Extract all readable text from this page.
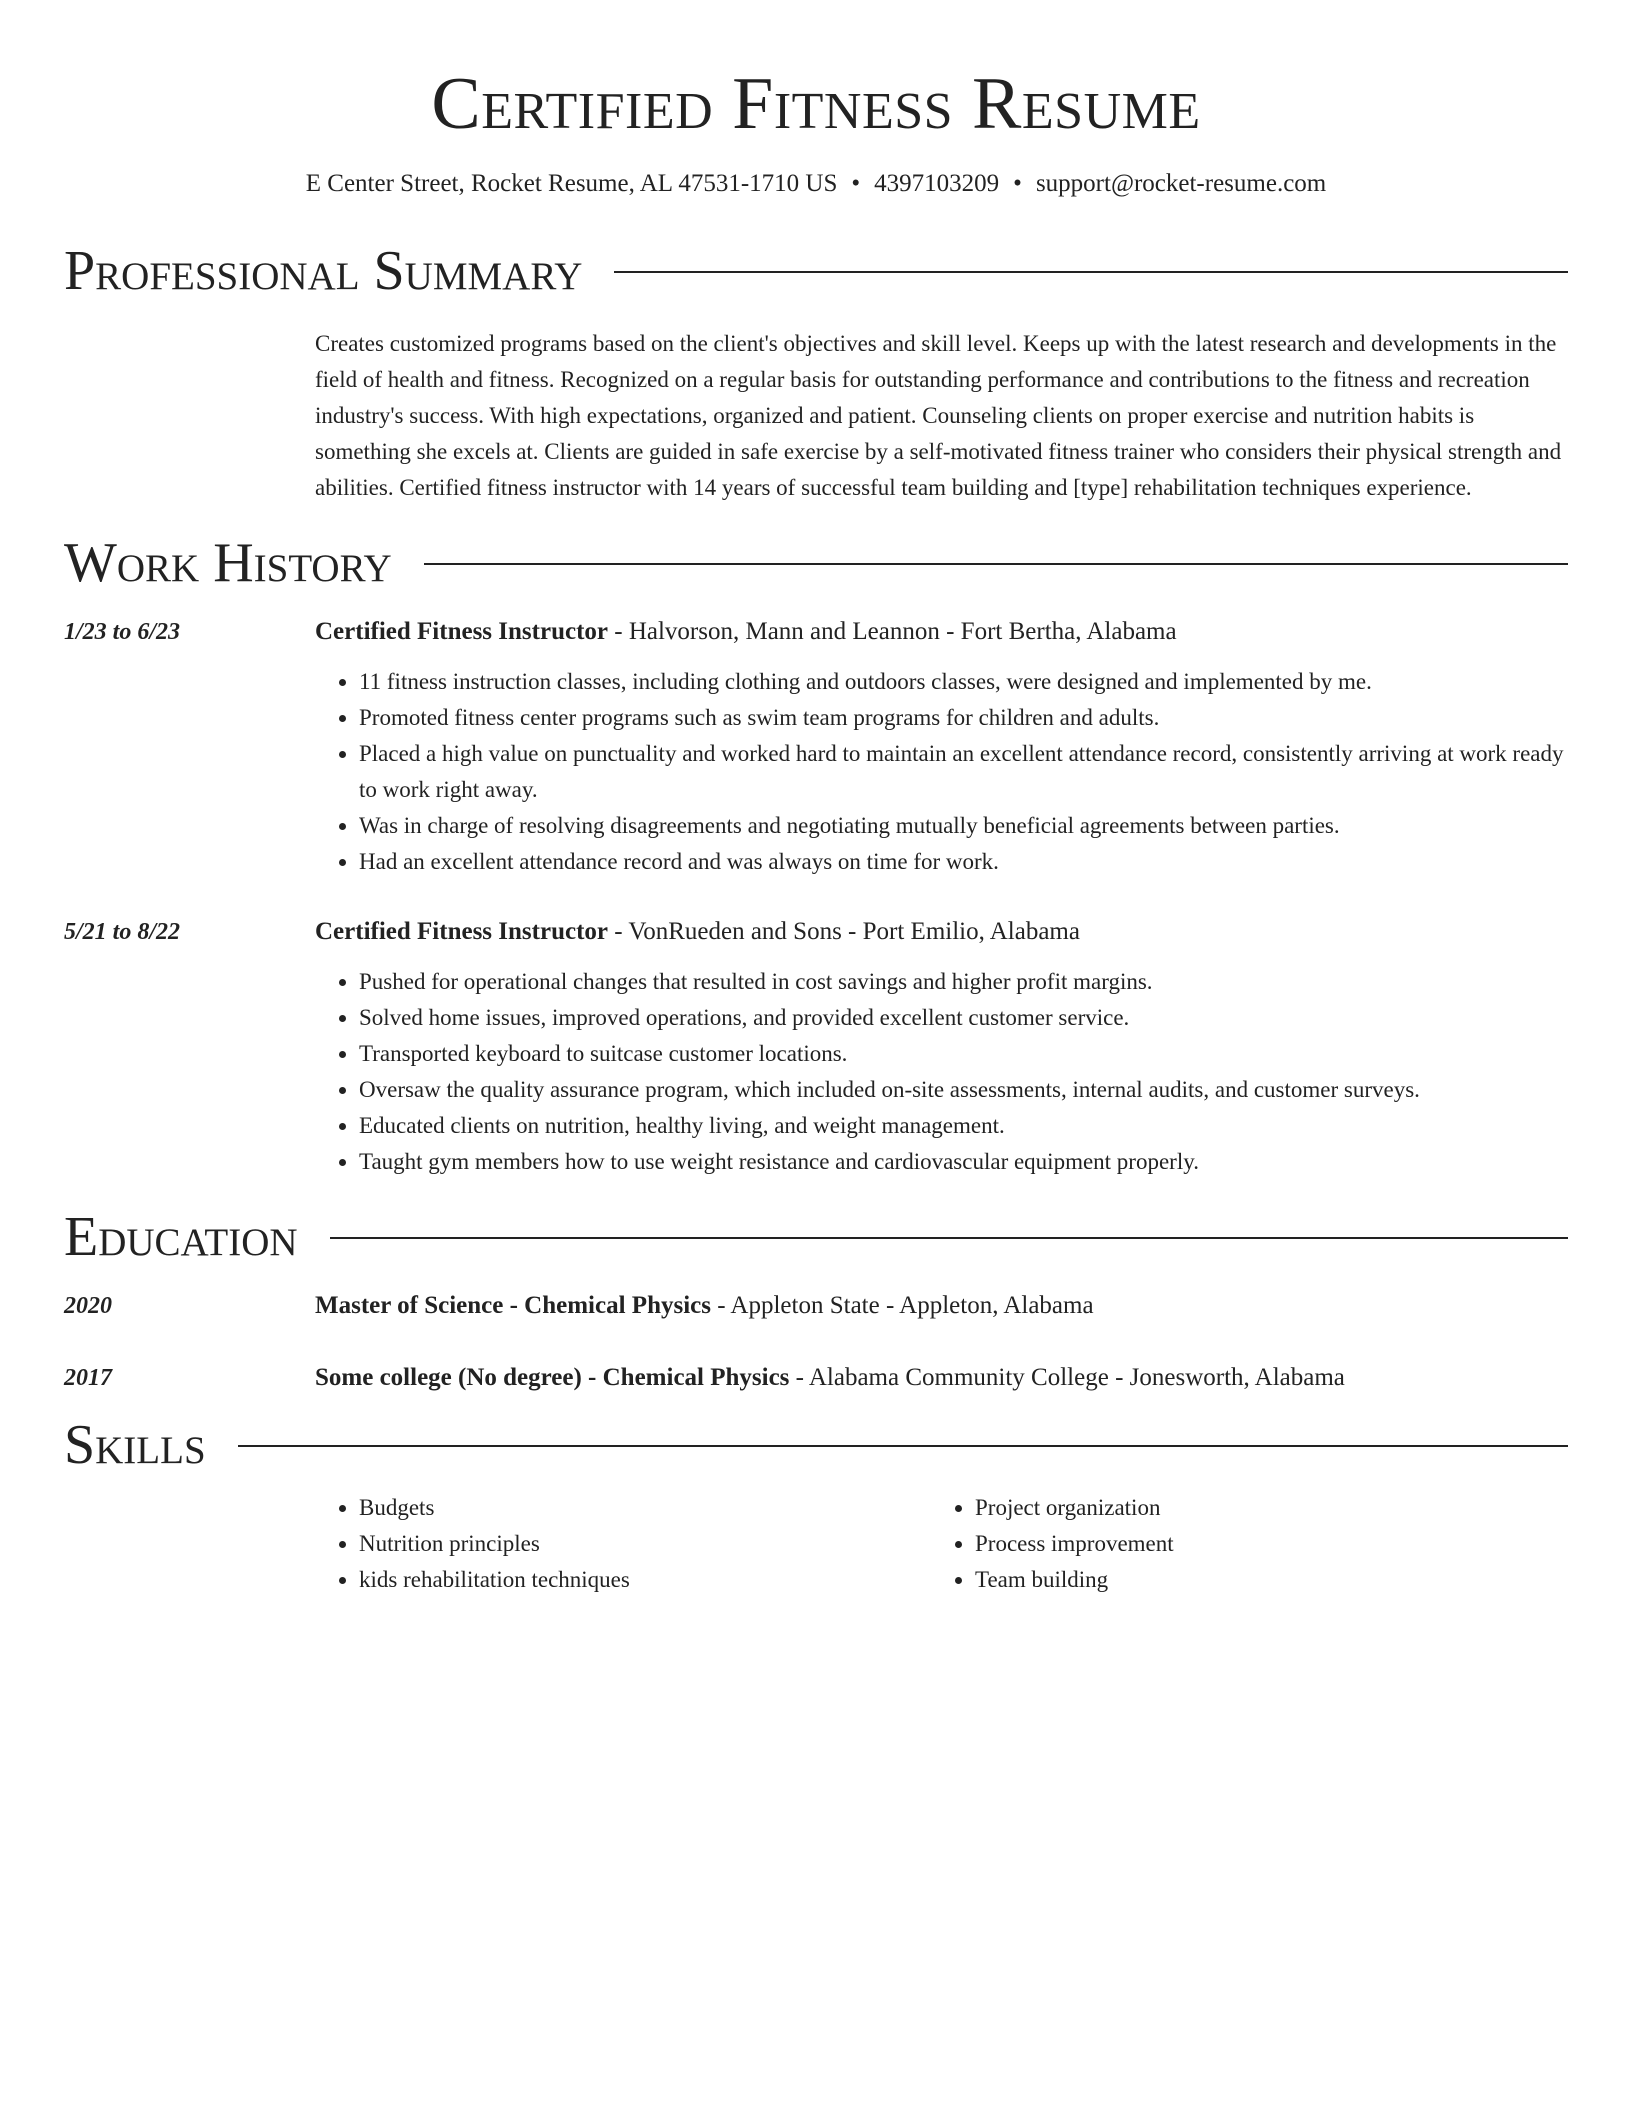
Certified Fitness Resume
E Center Street, Rocket Resume, AL 47531-1710 US • 4397103209 • support@rocket-resume.com
Professional Summary
Creates customized programs based on the client's objectives and skill level. Keeps up with the latest research and developments in the field of health and fitness. Recognized on a regular basis for outstanding performance and contributions to the fitness and recreation industry's success. With high expectations, organized and patient. Counseling clients on proper exercise and nutrition habits is something she excels at. Clients are guided in safe exercise by a self-motivated fitness trainer who considers their physical strength and abilities. Certified fitness instructor with 14 years of successful team building and [type] rehabilitation techniques experience.
Work History
1/23 to 6/23	Certified Fitness Instructor - Halvorson, Mann and Leannon - Fort Bertha, Alabama
• 11 fitness instruction classes, including clothing and outdoors classes, were designed and implemented by me.
• Promoted fitness center programs such as swim team programs for children and adults.
• Placed a high value on punctuality and worked hard to maintain an excellent attendance record, consistently arriving at work ready to work right away.
• Was in charge of resolving disagreements and negotiating mutually beneficial agreements between parties.
• Had an excellent attendance record and was always on time for work.
5/21 to 8/22	Certified Fitness Instructor - VonRueden and Sons - Port Emilio, Alabama
• Pushed for operational changes that resulted in cost savings and higher profit margins.
• Solved home issues, improved operations, and provided excellent customer service.
• Transported keyboard to suitcase customer locations.
• Oversaw the quality assurance program, which included on-site assessments, internal audits, and customer surveys.
• Educated clients on nutrition, healthy living, and weight management.
• Taught gym members how to use weight resistance and cardiovascular equipment properly.
Education
2020	Master of Science - Chemical Physics - Appleton State - Appleton, Alabama
2017	Some college (No degree) - Chemical Physics - Alabama Community College - Jonesworth, Alabama
Skills
• Budgets
• Nutrition principles
• kids rehabilitation techniques
• Project organization
• Process improvement
• Team building
